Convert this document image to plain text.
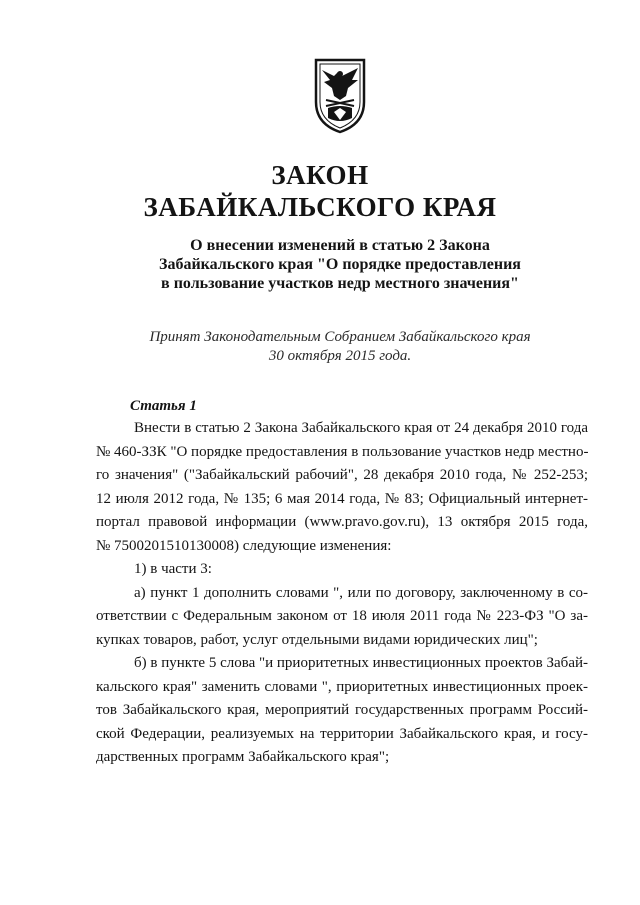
ЗАКОН
ЗАБАЙКАЛЬСКОГО КРАЯ
О внесении изменений в статью 2 Закона
Забайкальского края "О порядке предоставления
в пользование участков недр местного значения"
Принят Законодательным Собранием Забайкальского края
30 октября 2015 года.
Статья 1
Внести в статью 2 Закона Забайкальского края от 24 декабря 2010 года
№ 460-ЗЗК "О порядке предоставления в пользование участков недр местно-
го значения" ("Забайкальский рабочий", 28 декабря 2010 года, № 252-253;
12 июля 2012 года, № 135; 6 мая 2014 года, № 83; Официальный интернет-
портал правовой информации (www.pravo.gov.ru), 13 октября 2015 года,
№ 7500201510130008) следующие изменения:
1) в части 3:
а) пункт 1 дополнить словами ", или по договору, заключенному в со-
ответствии с Федеральным законом от 18 июля 2011 года № 223-ФЗ "О за-
купках товаров, работ, услуг отдельными видами юридических лиц";
б) в пункте 5 слова "и приоритетных инвестиционных проектов Забай-
кальского края" заменить словами ", приоритетных инвестиционных проек-
тов Забайкальского края, мероприятий государственных программ Россий-
ской Федерации, реализуемых на территории Забайкальского края, и госу-
дарственных программ Забайкальского края";
